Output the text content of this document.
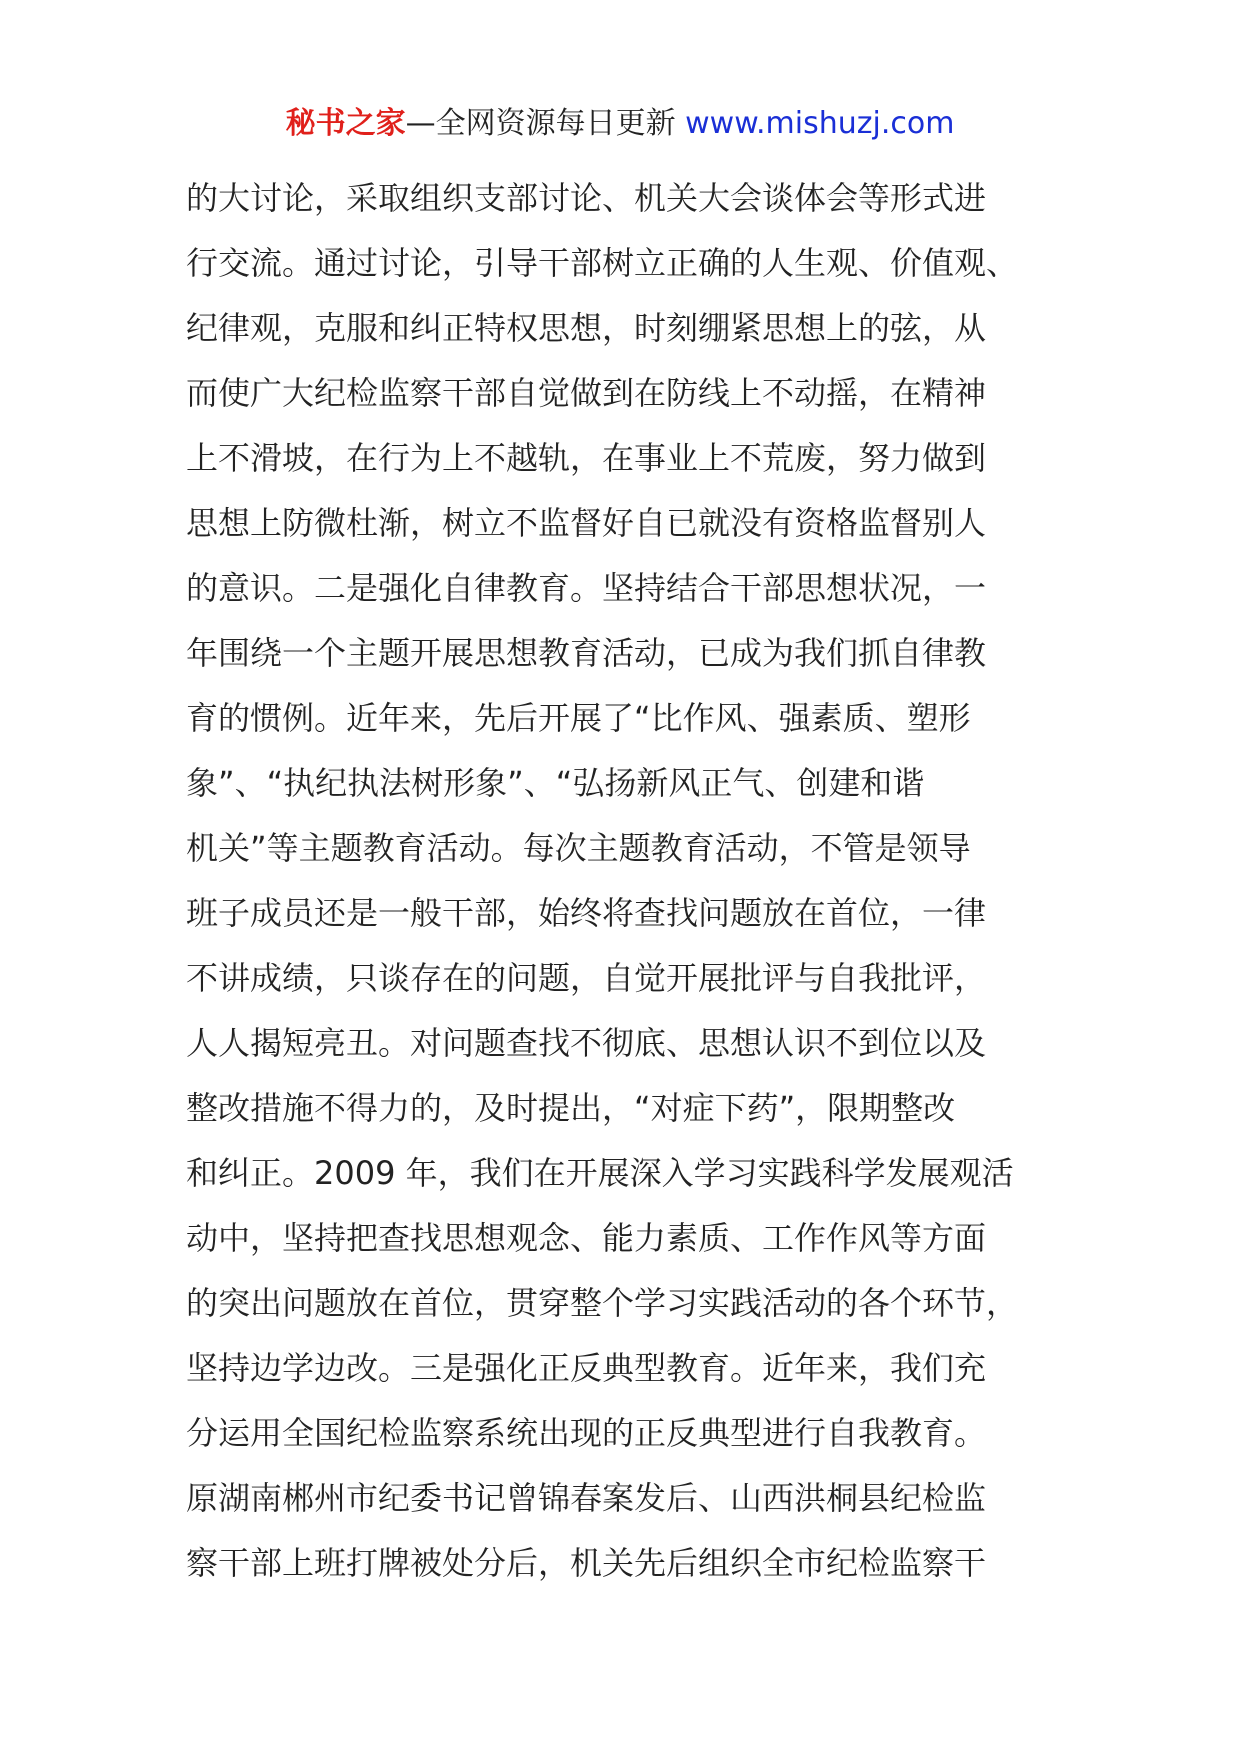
秘书之家—全网资源每日更新 www.mishuzj.com
的大讨论，采取组织支部讨论、机关大会谈体会等形式进
行交流。通过讨论，引导干部树立正确的人生观、价值观、
纪律观，克服和纠正特权思想，时刻绷紧思想上的弦，从
而使广大纪检监察干部自觉做到在防线上不动摇，在精神
上不滑坡，在行为上不越轨，在事业上不荒废，努力做到
思想上防微杜渐，树立不监督好自已就没有资格监督别人
的意识。二是强化自律教育。坚持结合干部思想状况，一
年围绕一个主题开展思想教育活动，已成为我们抓自律教
育的惯例。近年来，先后开展了“比作风、强素质、塑形
象”、“执纪执法树形象”、“弘扬新风正气、创建和谐
机关”等主题教育活动。每次主题教育活动，不管是领导
班子成员还是一般干部，始终将查找问题放在首位，一律
不讲成绩，只谈存在的问题，自觉开展批评与自我批评，
人人揭短亮丑。对问题查找不彻底、思想认识不到位以及
整改措施不得力的，及时提出，“对症下药”，限期整改
和纠正。2009 年，我们在开展深入学习实践科学发展观活
动中，坚持把查找思想观念、能力素质、工作作风等方面
的突出问题放在首位，贯穿整个学习实践活动的各个环节，
坚持边学边改。三是强化正反典型教育。近年来，我们充
分运用全国纪检监察系统出现的正反典型进行自我教育。
原湖南郴州市纪委书记曾锦春案发后、山西洪桐县纪检监
察干部上班打牌被处分后，机关先后组织全市纪检监察干
